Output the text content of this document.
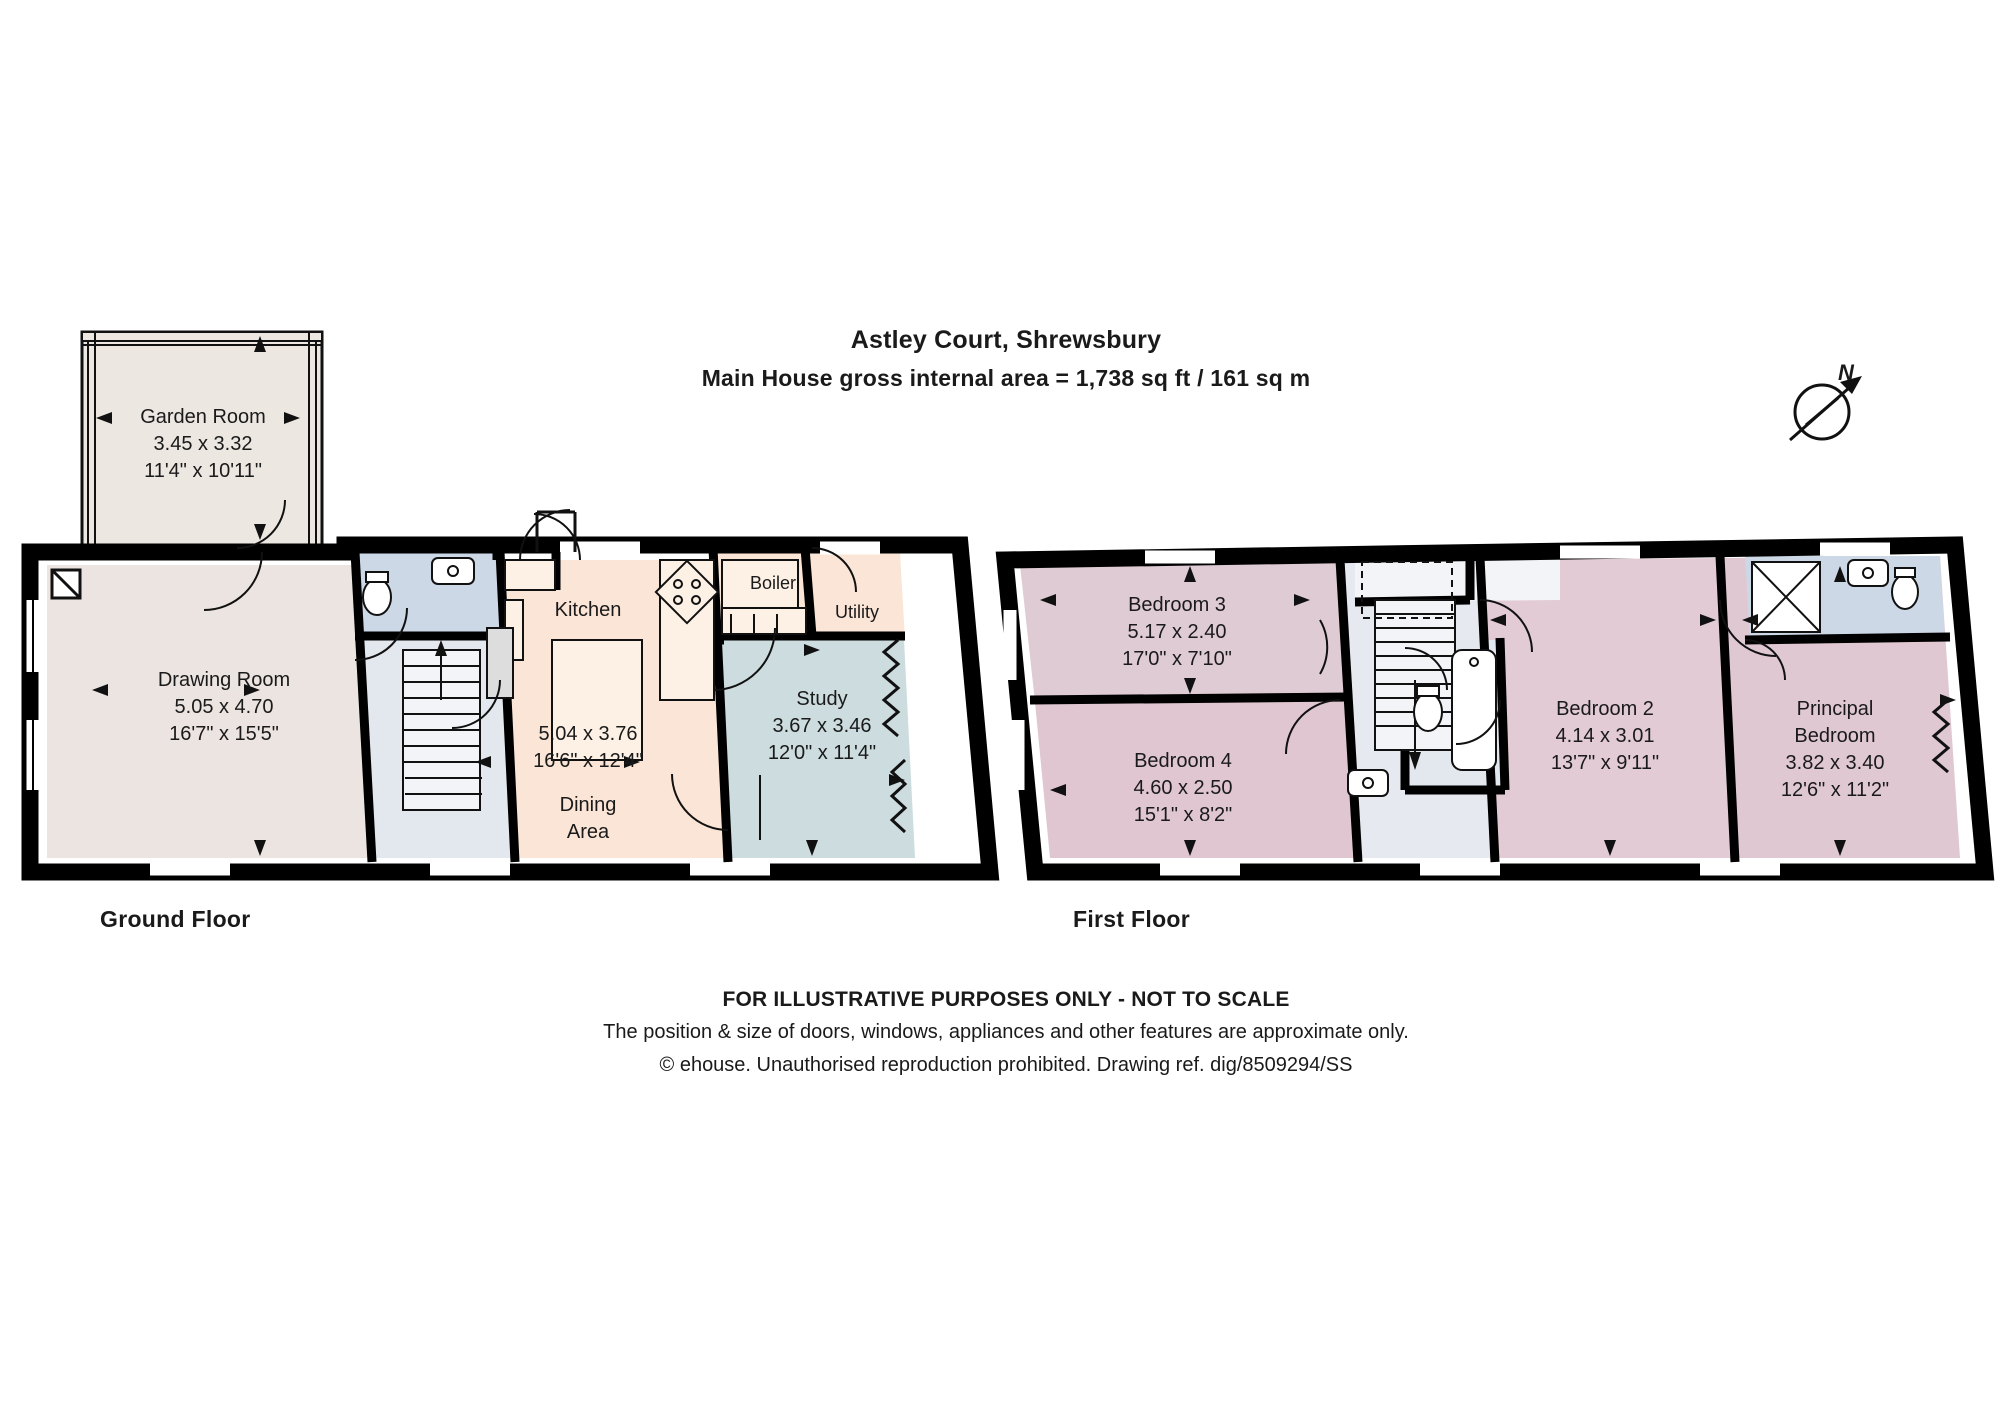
Astley Court, Shrewsbury
Main House gross internal area = 1,738 sq ft / 161 sq m	N
Garden Room
3.45 x 3.32
11'4" x 10'11"
Drawing Room
5.05 x 4.70
16'7" x 15'5"
Kitchen
5.04 x 3.76
16'6" x 12'4"
Dining
Area
Boiler
Utility
Study
3.67 x 3.46
12'0" x 11'4"
Bedroom 3
5.17 x 2.40
17'0" x 7'10"
Bedroom 4
4.60 x 2.50
15'1" x 8'2"
Bedroom 2
4.14 x 3.01
13'7" x 9'11"
Principal
Bedroom
3.82 x 3.40
12'6" x 11'2"
Ground Floor	First Floor
FOR ILLUSTRATIVE PURPOSES ONLY - NOT TO SCALE
The position & size of doors, windows, appliances and other features are approximate only.
© ehouse. Unauthorised reproduction prohibited. Drawing ref. dig/8509294/SS
